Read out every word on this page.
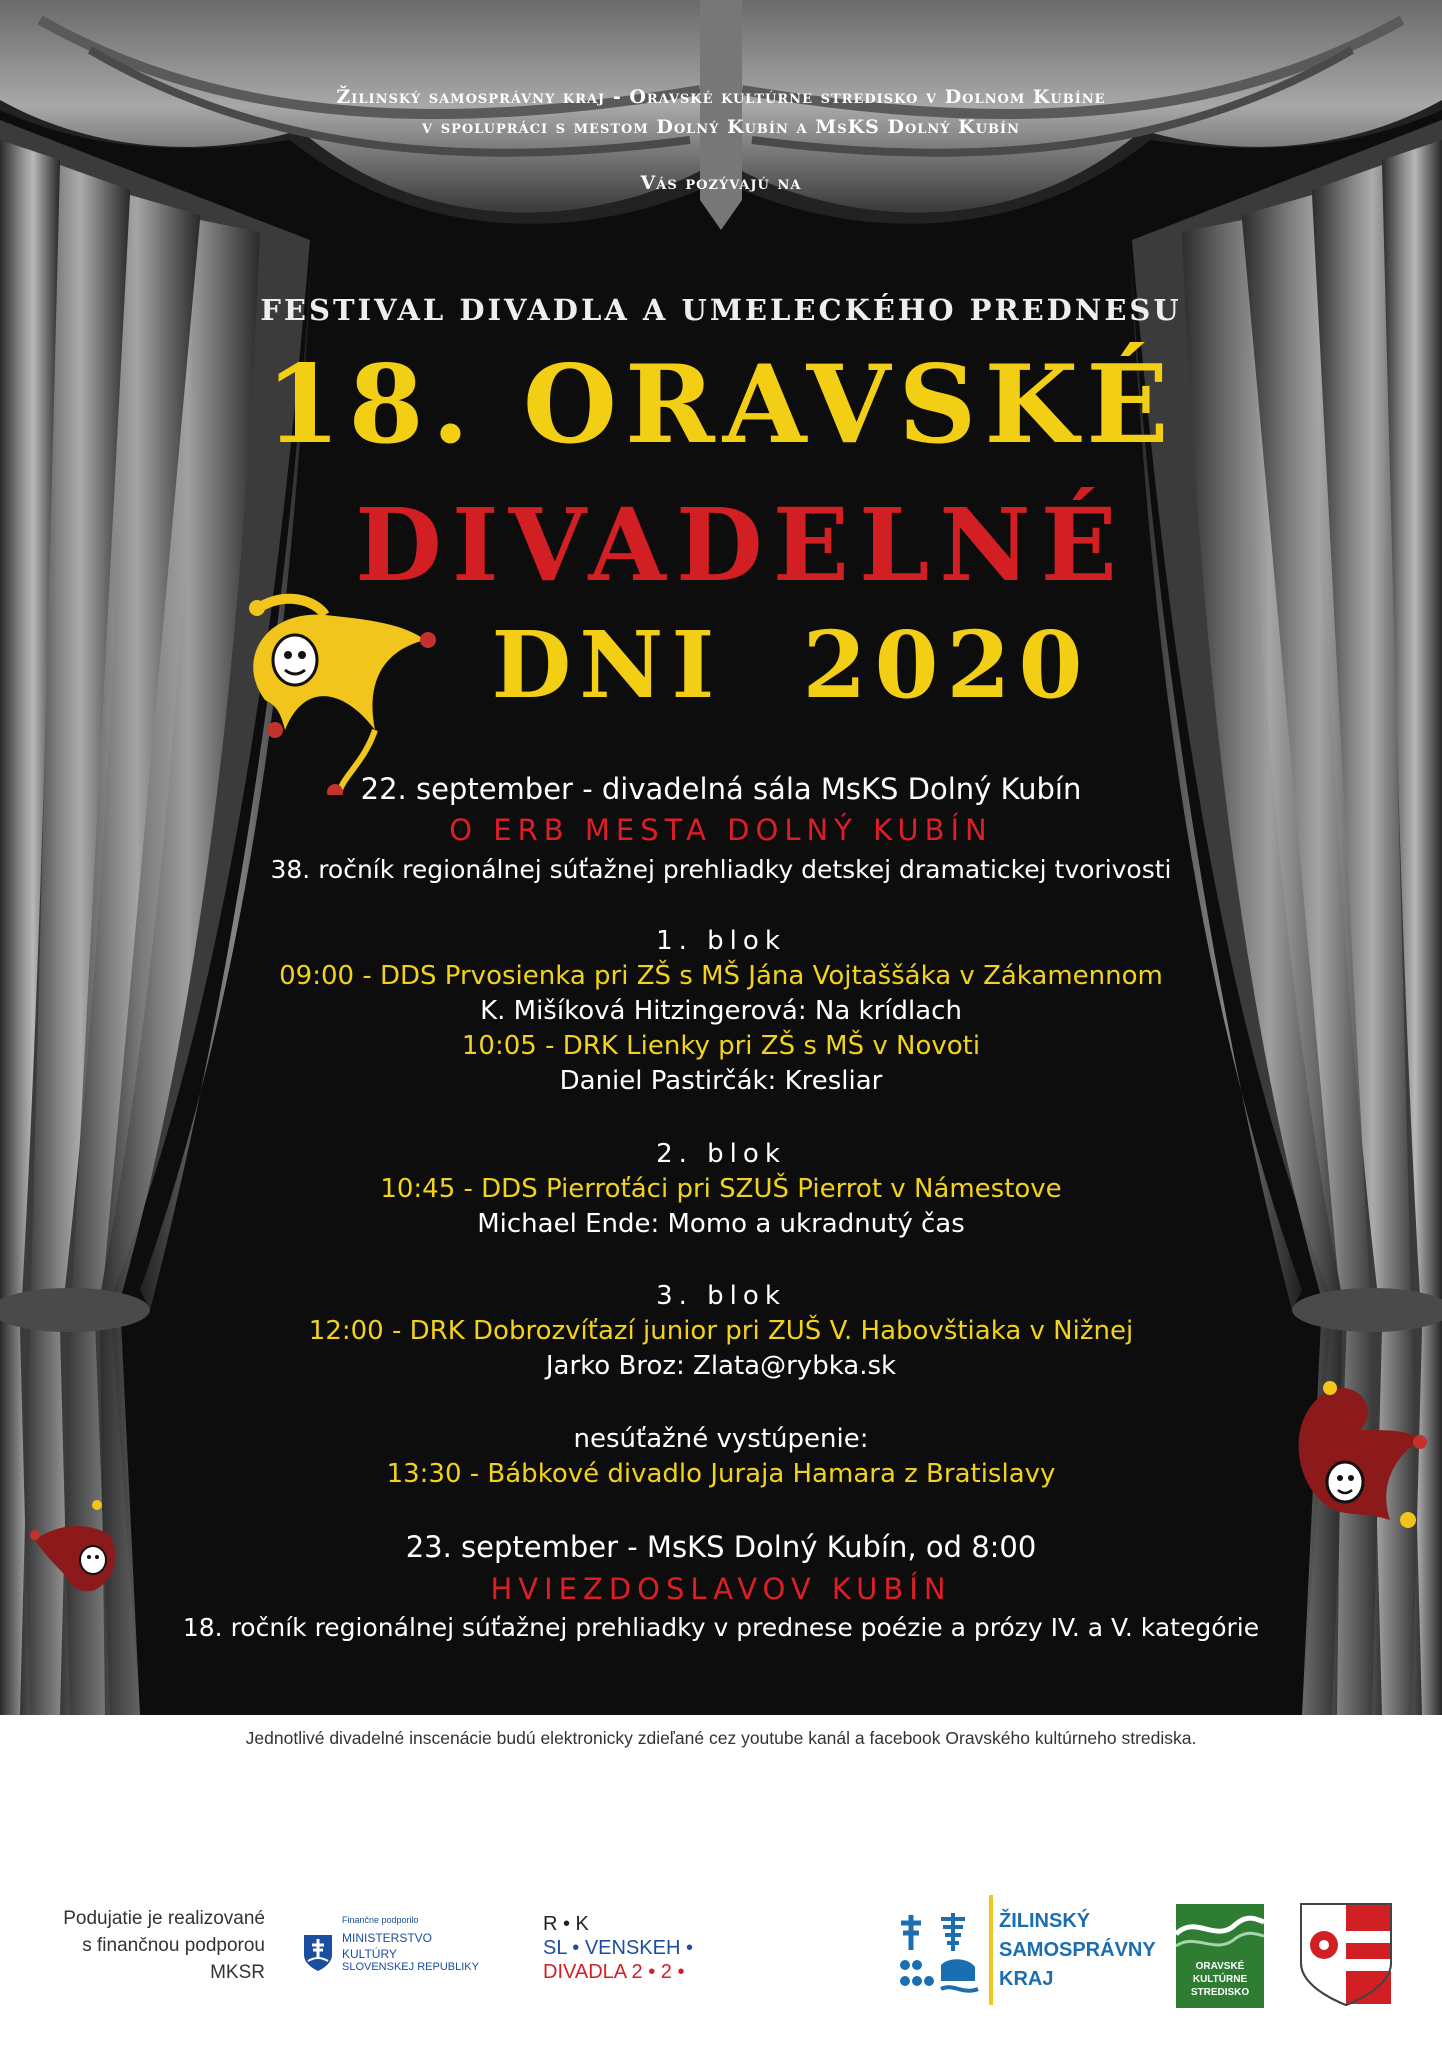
Žilinský samosprávny kraj - Oravské kultúrne stredisko v Dolnom Kubíne
v spolupráci s mestom Dolný Kubín a MsKS Dolný Kubín
Vás pozývajú na
FESTIVAL DIVADLA A UMELECKÉHO PREDNESU
18. ORAVSKÉ
DIVADELNÉ
DNI  2020
22. september - divadelná sála MsKS Dolný Kubín
O ERB MESTA DOLNÝ KUBÍN
38. ročník regionálnej súťažnej prehliadky detskej dramatickej tvorivosti
1. blok
09:00 - DDS Prvosienka pri ZŠ s MŠ Jána Vojtaššáka v Zákamennom
K. Mišíková Hitzingerová: Na krídlach
10:05 - DRK Lienky pri ZŠ s MŠ v Novoti
Daniel Pastirčák: Kresliar
2. blok
10:45 - DDS Pierroťáci pri SZUŠ Pierrot v Námestove
Michael Ende: Momo a ukradnutý čas
3. blok
12:00 - DRK Dobrozvíťazí junior pri ZUŠ V. Habovštiaka v Nižnej
Jarko Broz: Zlata@rybka.sk
nesúťažné vystúpenie:
13:30 - Bábkové divadlo Juraja Hamara z Bratislavy
23. september - MsKS Dolný Kubín, od 8:00
HVIEZDOSLAVOV KUBÍN
18. ročník regionálnej súťažnej prehliadky v prednese poézie a prózy IV. a V. kategórie
Jednotlivé divadelné inscenácie budú elektronicky zdieľané cez youtube kanál a facebook Oravského kultúrneho strediska.
Podujatie je realizované
s finančnou podporou
MKSR
Finančne podporilo
MINISTERSTVO
KULTÚRY
SLOVENSKEJ REPUBLIKY
R • K
SL • VENSKEH •
DIVADLA 2 • 2 •
ŽILINSKÝ
SAMOSPRÁVNY
KRAJ
ORAVSKÉ
KULTÚRNE
STREDISKO
